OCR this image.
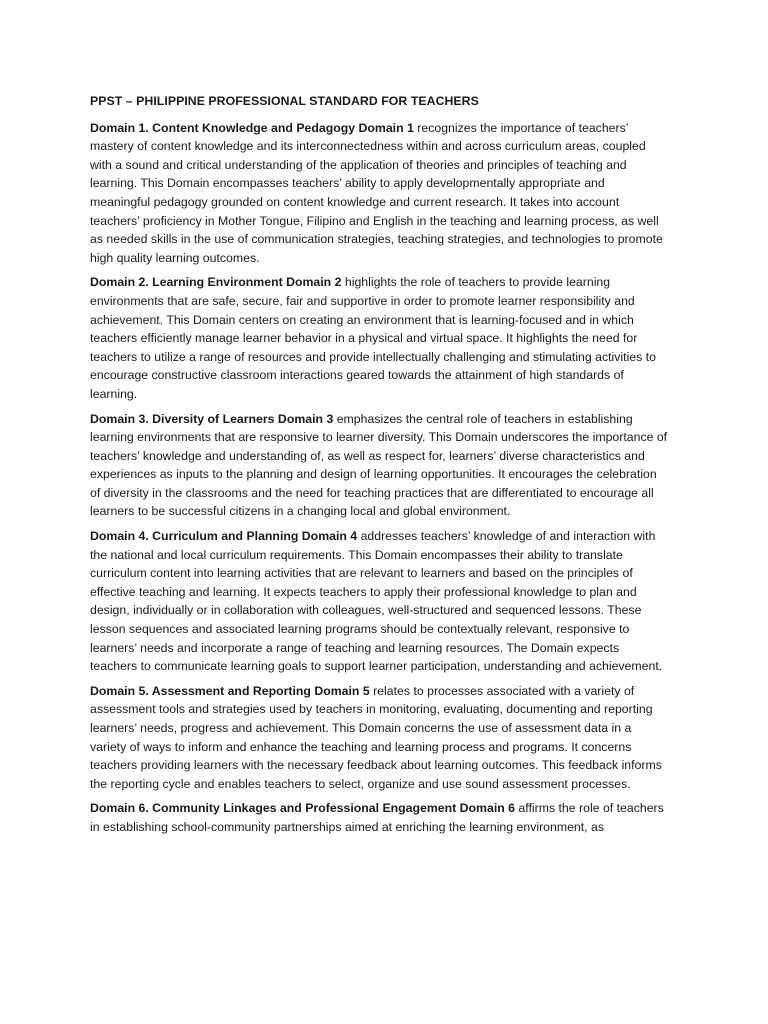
PPST – PHILIPPINE PROFESSIONAL STANDARD FOR TEACHERS

Domain 1. Content Knowledge and Pedagogy Domain 1 recognizes the importance of teachers’ mastery of content knowledge and its interconnectedness within and across curriculum areas, coupled with a sound and critical understanding of the application of theories and principles of teaching and learning. This Domain encompasses teachers’ ability to apply developmentally appropriate and meaningful pedagogy grounded on content knowledge and current research. It takes into account teachers’ proficiency in Mother Tongue, Filipino and English in the teaching and learning process, as well as needed skills in the use of communication strategies, teaching strategies, and technologies to promote high quality learning outcomes.

Domain 2. Learning Environment Domain 2 highlights the role of teachers to provide learning environments that are safe, secure, fair and supportive in order to promote learner responsibility and achievement. This Domain centers on creating an environment that is learning-focused and in which teachers efficiently manage learner behavior in a physical and virtual space. It highlights the need for teachers to utilize a range of resources and provide intellectually challenging and stimulating activities to encourage constructive classroom interactions geared towards the attainment of high standards of learning.

Domain 3. Diversity of Learners Domain 3 emphasizes the central role of teachers in establishing learning environments that are responsive to learner diversity. This Domain underscores the importance of teachers’ knowledge and understanding of, as well as respect for, learners’ diverse characteristics and experiences as inputs to the planning and design of learning opportunities. It encourages the celebration of diversity in the classrooms and the need for teaching practices that are differentiated to encourage all learners to be successful citizens in a changing local and global environment.

Domain 4. Curriculum and Planning Domain 4 addresses teachers’ knowledge of and interaction with the national and local curriculum requirements. This Domain encompasses their ability to translate curriculum content into learning activities that are relevant to learners and based on the principles of effective teaching and learning. It expects teachers to apply their professional knowledge to plan and design, individually or in collaboration with colleagues, well-structured and sequenced lessons. These lesson sequences and associated learning programs should be contextually relevant, responsive to learners’ needs and incorporate a range of teaching and learning resources. The Domain expects teachers to communicate learning goals to support learner participation, understanding and achievement.

Domain 5. Assessment and Reporting Domain 5 relates to processes associated with a variety of assessment tools and strategies used by teachers in monitoring, evaluating, documenting and reporting learners’ needs, progress and achievement. This Domain concerns the use of assessment data in a variety of ways to inform and enhance the teaching and learning process and programs. It concerns teachers providing learners with the necessary feedback about learning outcomes. This feedback informs the reporting cycle and enables teachers to select, organize and use sound assessment processes.

Domain 6. Community Linkages and Professional Engagement Domain 6 affirms the role of teachers in establishing school-community partnerships aimed at enriching the learning environment, as
